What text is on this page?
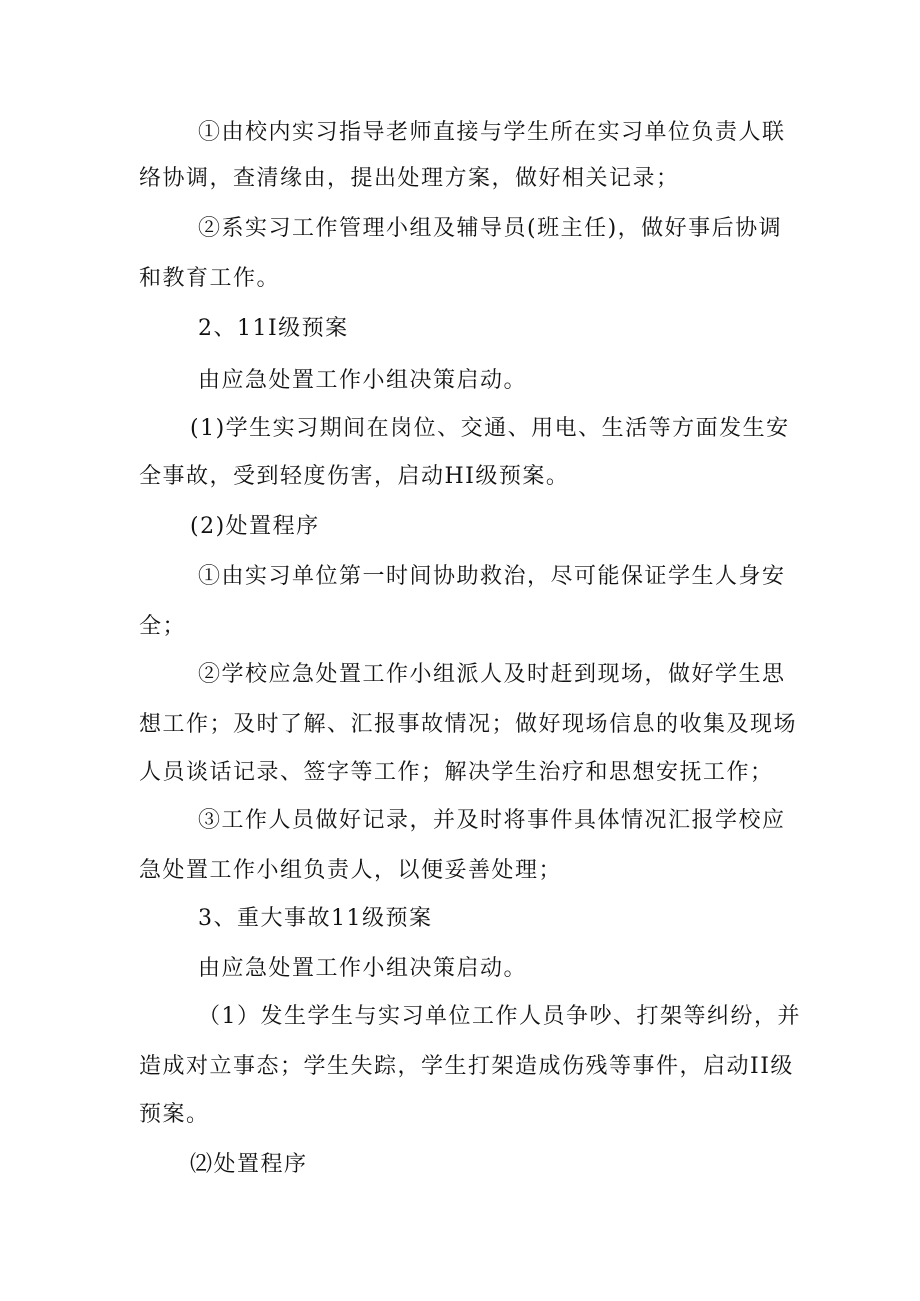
①由校内实习指导老师直接与学生所在实习单位负责人联
络协调，查清缘由，提出处理方案，做好相关记录；
②系实习工作管理小组及辅导员(班主任)，做好事后协调
和教育工作。
2、11I级预案
由应急处置工作小组决策启动。
(1)学生实习期间在岗位、交通、用电、生活等方面发生安
全事故，受到轻度伤害，启动HI级预案。
(2)处置程序
①由实习单位第一时间协助救治，尽可能保证学生人身安
全；
②学校应急处置工作小组派人及时赶到现场，做好学生思
想工作；及时了解、汇报事故情况；做好现场信息的收集及现场
人员谈话记录、签字等工作；解决学生治疗和思想安抚工作；
③工作人员做好记录，并及时将事件具体情况汇报学校应
急处置工作小组负责人，以便妥善处理；
3、重大事故11级预案
由应急处置工作小组决策启动。
（1）发生学生与实习单位工作人员争吵、打架等纠纷，并
造成对立事态；学生失踪，学生打架造成伤残等事件，启动II级
预案。
⑵处置程序
